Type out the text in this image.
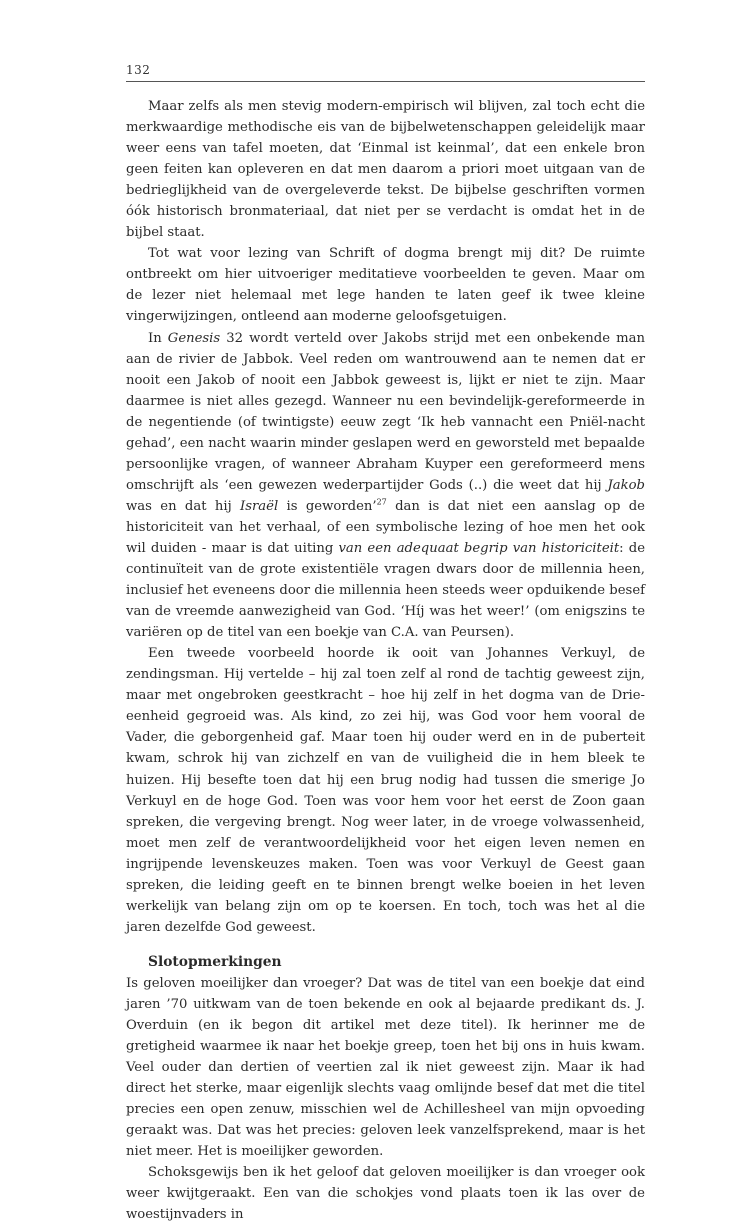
132

Maar zelfs als men stevig modern-empirisch wil blijven, zal toch echt die merkwaardige methodische eis van de bijbelwetenschappen geleidelijk maar weer eens van tafel moeten, dat ‘Einmal ist keinmal’, dat een enkele bron geen feiten kan opleveren en dat men daarom a priori moet uitgaan van de bedrieglijkheid van de overgeleverde tekst. De bijbelse geschriften vormen óók historisch bronmateriaal, dat niet per se verdacht is omdat het in de bijbel staat.

Tot wat voor lezing van Schrift of dogma brengt mij dit? De ruimte ontbreekt om hier uitvoeriger meditatieve voorbeelden te geven. Maar om de lezer niet helemaal met lege handen te laten geef ik twee kleine vingerwijzingen, ontleend aan moderne geloofsgetuigen.

In Genesis 32 wordt verteld over Jakobs strijd met een onbekende man aan de rivier de Jabbok. Veel reden om wantrouwend aan te nemen dat er nooit een Jakob of nooit een Jabbok geweest is, lijkt er niet te zijn. Maar daarmee is niet alles gezegd. Wanneer nu een bevindelijk-gereformeerde in de negentiende (of twintigste) eeuw zegt ‘Ik heb vannacht een Pniël-nacht gehad’, een nacht waarin minder geslapen werd en geworsteld met bepaalde persoonlijke vragen, of wanneer Abraham Kuyper een gereformeerd mens omschrijft als ‘een gewezen wederpartijder Gods (..) die weet dat hij Jakob was en dat hij Israël is geworden’$^{27}$ dan is dat niet een aanslag op de historiciteit van het verhaal, of een symbolische lezing of hoe men het ook wil duiden - maar is dat uiting van een adequaat begrip van historiciteit: de continuïteit van de grote existentiële vragen dwars door de millennia heen, inclusief het eveneens door die millennia heen steeds weer opduikende besef van de vreemde aanwezigheid van God. ‘Híj was het weer!’ (om enigszins te variëren op de titel van een boekje van C.A. van Peursen).

Een tweede voorbeeld hoorde ik ooit van Johannes Verkuyl, de zendingsman. Hij vertelde – hij zal toen zelf al rond de tachtig geweest zijn, maar met ongebroken geestkracht – hoe hij zelf in het dogma van de Drie-eenheid gegroeid was. Als kind, zo zei hij, was God voor hem vooral de Vader, die geborgenheid gaf. Maar toen hij ouder werd en in de puberteit kwam, schrok hij van zichzelf en van de vuiligheid die in hem bleek te huizen. Hij besefte toen dat hij een brug nodig had tussen die smerige Jo Verkuyl en de hoge God. Toen was voor hem voor het eerst de Zoon gaan spreken, die vergeving brengt. Nog weer later, in de vroege volwassenheid, moet men zelf de verantwoordelijkheid voor het eigen leven nemen en ingrijpende levenskeuzes maken. Toen was voor Verkuyl de Geest gaan spreken, die leiding geeft en te binnen brengt welke boeien in het leven werkelijk van belang zijn om op te koersen. En toch, toch was het al die jaren dezelfde God geweest.

Slotopmerkingen

Is geloven moeilijker dan vroeger? Dat was de titel van een boekje dat eind jaren ’70 uitkwam van de toen bekende en ook al bejaarde predikant ds. J. Overduin (en ik begon dit artikel met deze titel). Ik herinner me de gretigheid waarmee ik naar het boekje greep, toen het bij ons in huis kwam. Veel ouder dan dertien of veertien zal ik niet geweest zijn. Maar ik had direct het sterke, maar eigenlijk slechts vaag omlijnde besef dat met die titel precies een open zenuw, misschien wel de Achillesheel van mijn opvoeding geraakt was. Dat was het precies: geloven leek vanzelfsprekend, maar is het niet meer. Het is moeilijker geworden.

Schoksgewijs ben ik het geloof dat geloven moeilijker is dan vroeger ook weer kwijtgeraakt. Een van die schokjes vond plaats toen ik las over de woestijnvaders in
